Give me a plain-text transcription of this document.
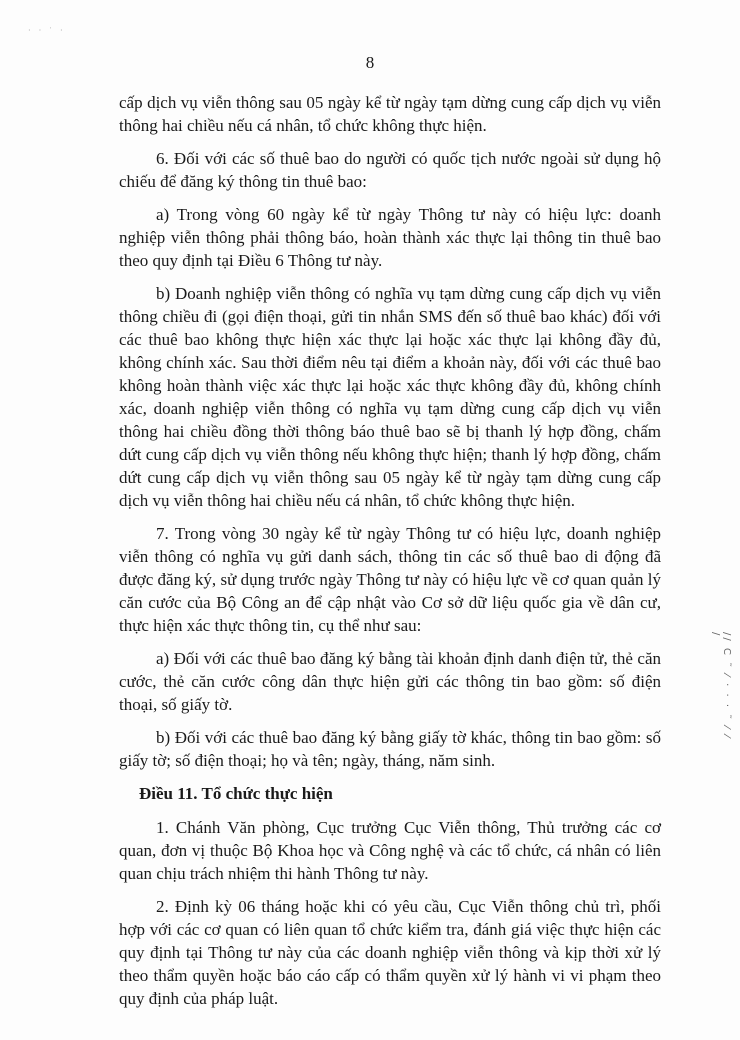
· · ˈ ·
8

cấp dịch vụ viễn thông sau 05 ngày kể từ ngày tạm dừng cung cấp dịch vụ viễn thông hai chiều nếu cá nhân, tổ chức không thực hiện.

6. Đối với các số thuê bao do người có quốc tịch nước ngoài sử dụng hộ chiếu để đăng ký thông tin thuê bao:

a) Trong vòng 60 ngày kể từ ngày Thông tư này có hiệu lực: doanh nghiệp viễn thông phải thông báo, hoàn thành xác thực lại thông tin thuê bao theo quy định tại Điều 6 Thông tư này.

b) Doanh nghiệp viễn thông có nghĩa vụ tạm dừng cung cấp dịch vụ viễn thông chiều đi (gọi điện thoại, gửi tin nhắn SMS đến số thuê bao khác) đối với các thuê bao không thực hiện xác thực lại hoặc xác thực lại không đầy đủ, không chính xác. Sau thời điểm nêu tại điểm a khoản này, đối với các thuê bao không hoàn thành việc xác thực lại hoặc xác thực không đầy đủ, không chính xác, doanh nghiệp viễn thông có nghĩa vụ tạm dừng cung cấp dịch vụ viễn thông hai chiều đồng thời thông báo thuê bao sẽ bị thanh lý hợp đồng, chấm dứt cung cấp dịch vụ viễn thông nếu không thực hiện; thanh lý hợp đồng, chấm dứt cung cấp dịch vụ viễn thông sau 05 ngày kể từ ngày tạm dừng cung cấp dịch vụ viễn thông hai chiều nếu cá nhân, tổ chức không thực hiện.

7. Trong vòng 30 ngày kể từ ngày Thông tư có hiệu lực, doanh nghiệp viễn thông có nghĩa vụ gửi danh sách, thông tin các số thuê bao di động đã được đăng ký, sử dụng trước ngày Thông tư này có hiệu lực về cơ quan quản lý căn cước của Bộ Công an để cập nhật vào Cơ sở dữ liệu quốc gia về dân cư, thực hiện xác thực thông tin, cụ thể như sau:

a) Đối với các thuê bao đăng ký bằng tài khoản định danh điện tử, thẻ căn cước, thẻ căn cước công dân thực hiện gửi các thông tin bao gồm: số điện thoại, số giấy tờ.

b) Đối với các thuê bao đăng ký bằng giấy tờ khác, thông tin bao gồm: số giấy tờ; số điện thoại; họ và tên; ngày, tháng, năm sinh.

Điều 11. Tổ chức thực hiện

1. Chánh Văn phòng, Cục trưởng Cục Viễn thông, Thủ trưởng các cơ quan, đơn vị thuộc Bộ Khoa học và Công nghệ và các tổ chức, cá nhân có liên quan chịu trách nhiệm thi hành Thông tư này.

2. Định kỳ 06 tháng hoặc khi có yêu cầu, Cục Viễn thông chủ trì, phối hợp với các cơ quan có liên quan tổ chức kiểm tra, đánh giá việc thực hiện các quy định tại Thông tư này của các doanh nghiệp viễn thông và kịp thời xử lý theo thẩm quyền hoặc báo cáo cấp có thẩm quyền xử lý hành vi vi phạm theo quy định của pháp luật.

// C ˜ ⁄ · · · ˜ ⁄ ⁄ /
